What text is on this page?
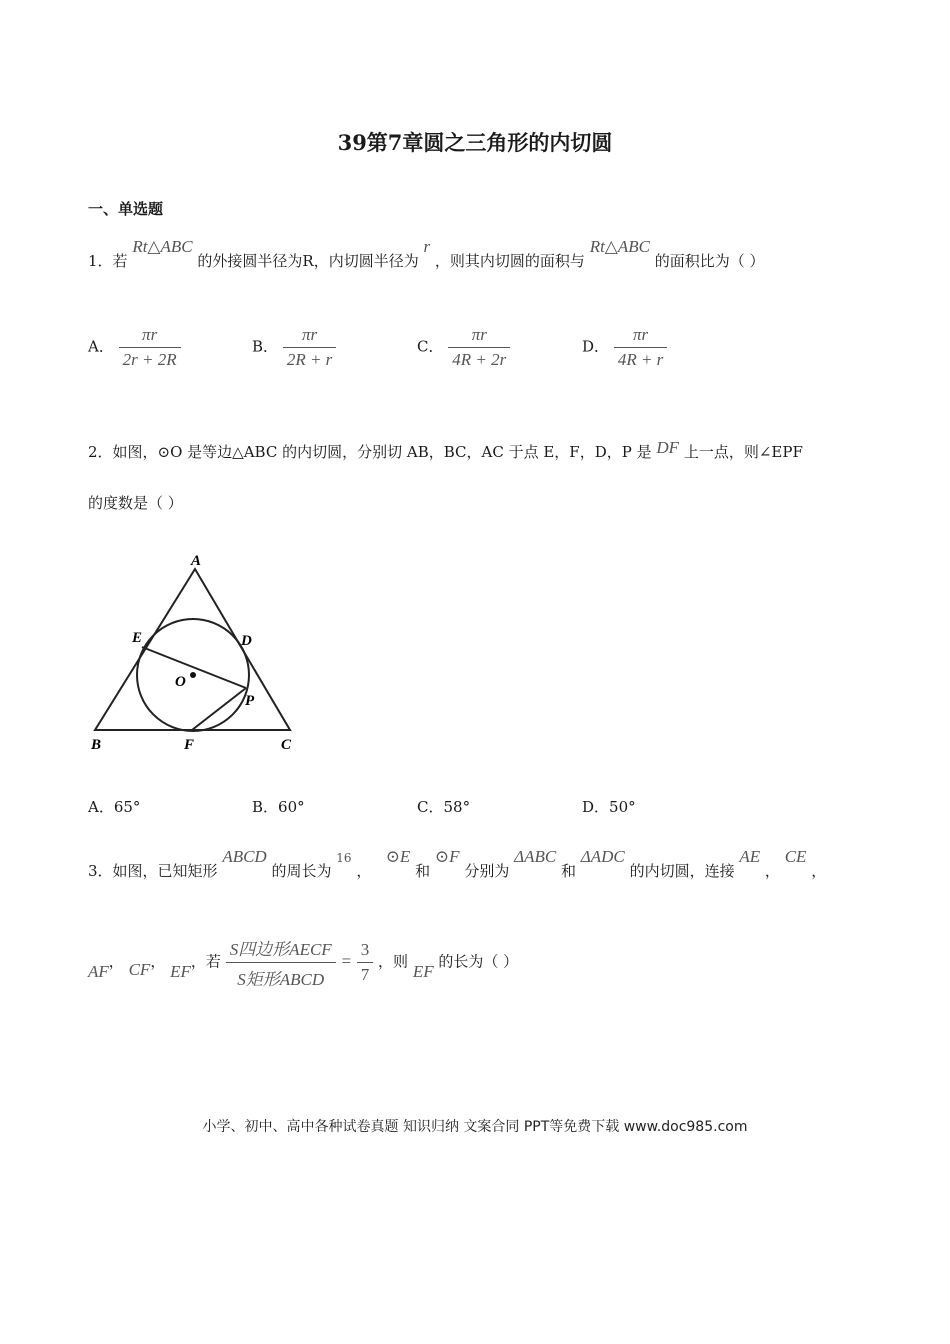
39第7章圆之三角形的内切圆
一、单选题
1．若 Rt△ABC 的外接圆半径为R，内切圆半径为 r ，则其内切圆的面积与 Rt△ABC 的面积比为（ ）
A． $\frac{\pi r}{2r + 2R}$	B． $\frac{\pi r}{2R + r}$	C． $\frac{\pi r}{4R + 2r}$	D． $\frac{\pi r}{4R + r}$
2．如图，⊙O 是等边△ABC 的内切圆，分别切 AB，BC，AC 于点 E，F，D，P 是 DF 上一点，则∠EPF
的度数是（ ）
A
E	D
O
P
B	F	C
A．65°	B．60°	C．58°	D．50°
3．如图，已知矩形 ABCD 的周长为 $^{16}$ ，   ⊙E 和 ⊙F 分别为 ΔABC 和 ΔADC 的内切圆，连接 AE ， CE ，
AF， CF， EF，若 $\frac{\text{S四边形AECF}}{\text{S矩形ABCD}} = \frac{3}{7}$ ，则 EF 的长为（ ）
小学、初中、高中各种试卷真题 知识归纳 文案合同 PPT等免费下载 www.doc985.com
